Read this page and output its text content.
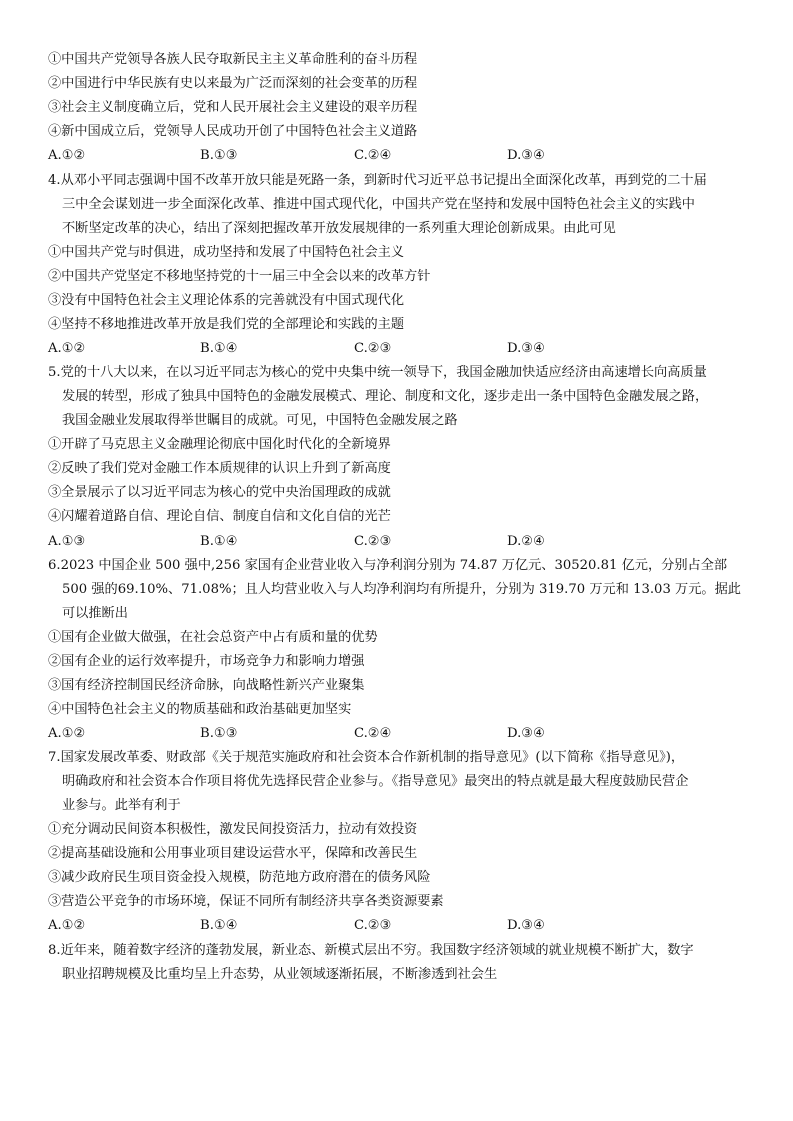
①中国共产党领导各族人民夺取新民主主义革命胜利的奋斗历程
②中国进行中华民族有史以来最为广泛而深刻的社会变革的历程
③社会主义制度确立后，党和人民开展社会主义建设的艰辛历程
④新中国成立后，党领导人民成功开创了中国特色社会主义道路
A.①②	B.①③	C.②④	D.③④
4.从邓小平同志强调中国不改革开放只能是死路一条，到新时代习近平总书记提出全面深化改革，再到党的二十届
三中全会谋划进一步全面深化改革、推进中国式现代化，中国共产党在坚持和发展中国特色社会主义的实践中
不断坚定改革的决心，结出了深刻把握改革开放发展规律的一系列重大理论创新成果。由此可见
①中国共产党与时俱进，成功坚持和发展了中国特色社会主义
②中国共产党坚定不移地坚持党的十一届三中全会以来的改革方针
③没有中国特色社会主义理论体系的完善就没有中国式现代化
④坚持不移地推进改革开放是我们党的全部理论和实践的主题
A.①②	B.①④	C.②③	D.③④
5.党的十八大以来，在以习近平同志为核心的党中央集中统一领导下，我国金融加快适应经济由高速增长向高质量
发展的转型，形成了独具中国特色的金融发展模式、理论、制度和文化，逐步走出一条中国特色金融发展之路，
我国金融业发展取得举世瞩目的成就。可见，中国特色金融发展之路
①开辟了马克思主义金融理论彻底中国化时代化的全新境界
②反映了我们党对金融工作本质规律的认识上升到了新高度
③全景展示了以习近平同志为核心的党中央治国理政的成就
④闪耀着道路自信、理论自信、制度自信和文化自信的光芒
A.①③	B.①④	C.②③	D.②④
6.2023 中国企业 500 强中,256 家国有企业营业收入与净利润分别为 74.87 万亿元、30520.81 亿元，分别占全部
500 强的69.10%、71.08%；且人均营业收入与人均净利润均有所提升，分别为 319.70 万元和 13.03 万元。据此
可以推断出
①国有企业做大做强，在社会总资产中占有质和量的优势
②国有企业的运行效率提升，市场竞争力和影响力增强
③国有经济控制国民经济命脉，向战略性新兴产业聚集
④中国特色社会主义的物质基础和政治基础更加坚实
A.①②	B.①③	C.②④	D.③④
7.国家发展改革委、财政部《关于规范实施政府和社会资本合作新机制的指导意见》(以下简称《指导意见》)，
明确政府和社会资本合作项目将优先选择民营企业参与。《指导意见》最突出的特点就是最大程度鼓励民营企
业参与。此举有利于
①充分调动民间资本积极性，激发民间投资活力，拉动有效投资
②提高基础设施和公用事业项目建设运营水平，保障和改善民生
③减少政府民生项目资金投入规模，防范地方政府潜在的债务风险
③营造公平竞争的市场环境，保证不同所有制经济共享各类资源要素
A.①②	B.①④	C.②③	D.③④
8.近年来，随着数字经济的蓬勃发展，新业态、新模式层出不穷。我国数字经济领域的就业规模不断扩大，数字
职业招聘规模及比重均呈上升态势，从业领域逐渐拓展，不断渗透到社会生
